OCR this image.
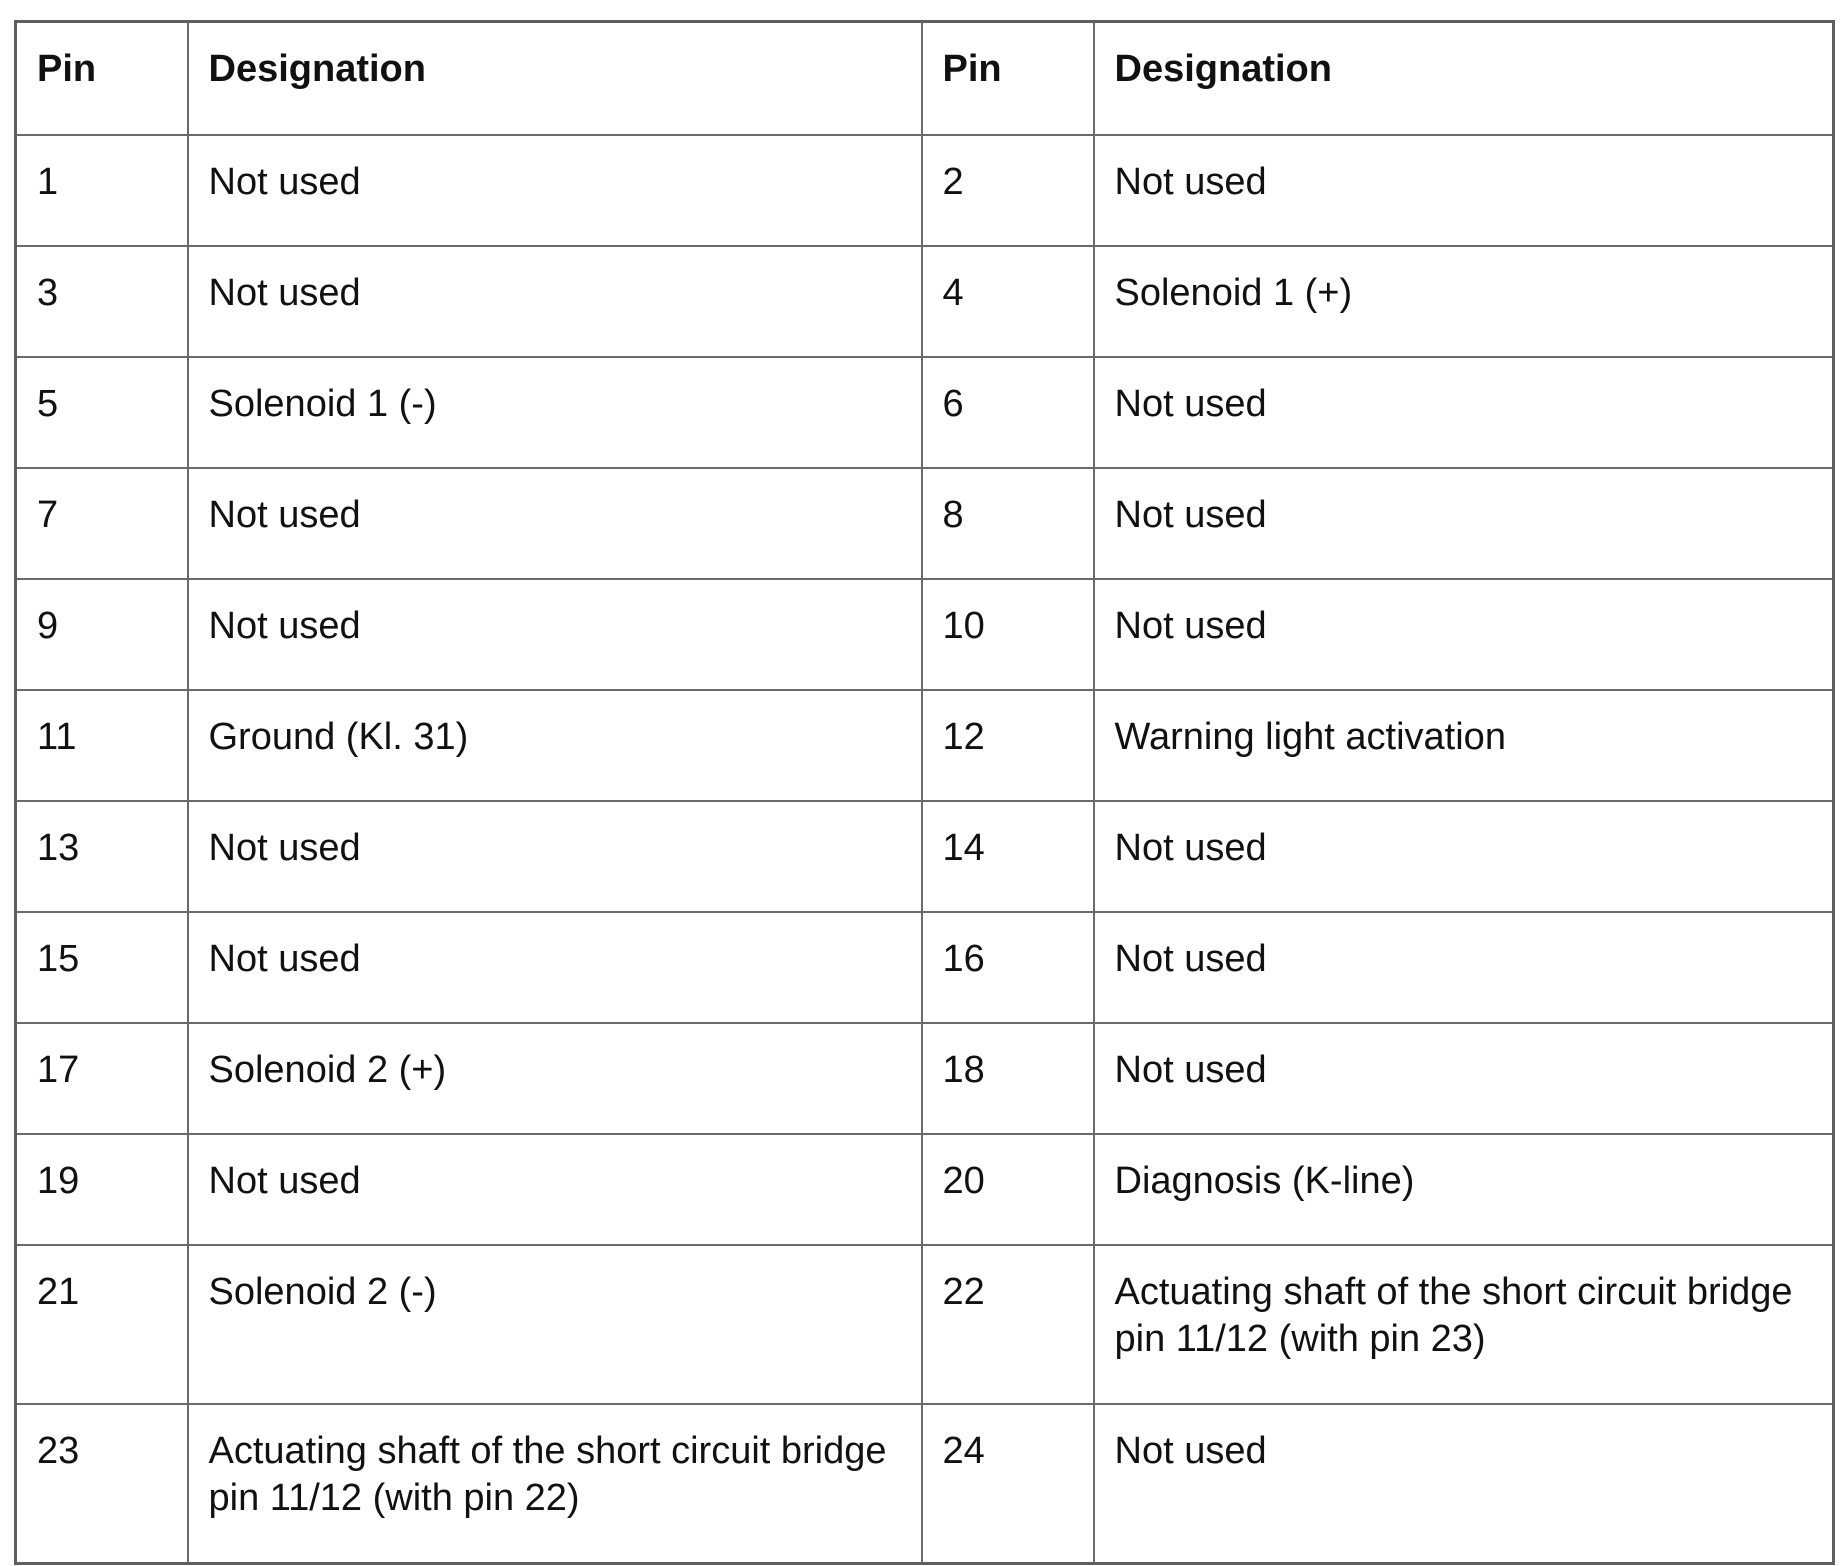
Pin	Designation	Pin	Designation
1	Not used	2	Not used
3	Not used	4	Solenoid 1 (+)
5	Solenoid 1 (-)	6	Not used
7	Not used	8	Not used
9	Not used	10	Not used
11	Ground (Kl. 31)	12	Warning light activation
13	Not used	14	Not used
15	Not used	16	Not used
17	Solenoid 2 (+)	18	Not used
19	Not used	20	Diagnosis (K-line)
21	Solenoid 2 (-)	22	Actuating shaft of the short circuit bridge pin 11/12 (with pin 23)
23	Actuating shaft of the short circuit bridge pin 11/12 (with pin 22)	24	Not used
